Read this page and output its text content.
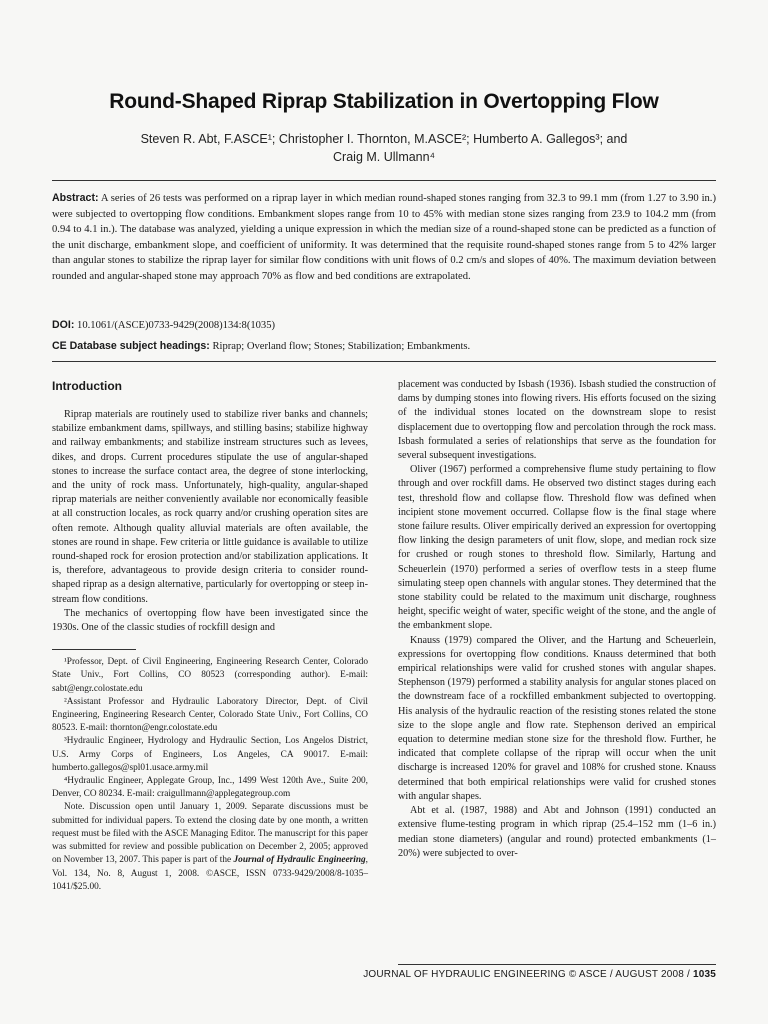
Round-Shaped Riprap Stabilization in Overtopping Flow

Steven R. Abt, F.ASCE¹; Christopher I. Thornton, M.ASCE²; Humberto A. Gallegos³; and

Craig M. Ullmann⁴

Abstract: A series of 26 tests was performed on a riprap layer in which median round-shaped stones ranging from 32.3 to 99.1 mm (from 1.27 to 3.90 in.) were subjected to overtopping flow conditions. Embankment slopes range from 10 to 45% with median stone sizes ranging from 23.9 to 104.2 mm (from 0.94 to 4.1 in.). The database was analyzed, yielding a unique expression in which the median size of a round-shaped stone can be predicted as a function of the unit discharge, embankment slope, and coefficient of uniformity. It was determined that the requisite round-shaped stones range from 5 to 42% larger than angular stones to stabilize the riprap layer for similar flow conditions with unit flows of 0.2 cm/s and slopes of 40%. The maximum deviation between rounded and angular-shaped stone may approach 70% as flow and bed conditions are extrapolated.

DOI: 10.1061/(ASCE)0733-9429(2008)134:8(1035)

CE Database subject headings: Riprap; Overland flow; Stones; Stabilization; Embankments.

Introduction

Riprap materials are routinely used to stabilize river banks and channels; stabilize embankment dams, spillways, and stilling basins; stabilize highway and railway embankments; and stabilize instream structures such as levees, dikes, and drops. Current procedures stipulate the use of angular-shaped stones to increase the surface contact area, the degree of stone interlocking, and the unity of rock mass. Unfortunately, high-quality, angular-shaped riprap materials are neither conveniently available nor economically feasible at all construction locales, as rock quarry and/or crushing operation sites are often remote. Although quality alluvial materials are often available, the stones are round in shape. Few criteria or little guidance is available to utilize round-shaped rock for erosion protection and/or stabilization applications. It is, therefore, advantageous to provide design criteria to consider round-shaped riprap as a design alternative, particularly for overtopping or steep in-stream flow conditions.

The mechanics of overtopping flow have been investigated since the 1930s. One of the classic studies of rockfill design and

¹Professor, Dept. of Civil Engineering, Engineering Research Center, Colorado State Univ., Fort Collins, CO 80523 (corresponding author). E-mail: sabt@engr.colostate.edu

²Assistant Professor and Hydraulic Laboratory Director, Dept. of Civil Engineering, Engineering Research Center, Colorado State Univ., Fort Collins, CO 80523. E-mail: thornton@engr.colostate.edu

³Hydraulic Engineer, Hydrology and Hydraulic Section, Los Angelos District, U.S. Army Corps of Engineers, Los Angeles, CA 90017. E-mail: humberto.gallegos@spl01.usace.army.mil

⁴Hydraulic Engineer, Applegate Group, Inc., 1499 West 120th Ave., Suite 200, Denver, CO 80234. E-mail: craigullmann@applegategroup.com

Note. Discussion open until January 1, 2009. Separate discussions must be submitted for individual papers. To extend the closing date by one month, a written request must be filed with the ASCE Managing Editor. The manuscript for this paper was submitted for review and possible publication on December 2, 2005; approved on November 13, 2007. This paper is part of the Journal of Hydraulic Engineering, Vol. 134, No. 8, August 1, 2008. ©ASCE, ISSN 0733-9429/2008/8-1035–1041/$25.00.

placement was conducted by Isbash (1936). Isbash studied the construction of dams by dumping stones into flowing rivers. His efforts focused on the sizing of the individual stones located on the downstream slope to resist displacement due to overtopping flow and percolation through the rock mass. Isbash formulated a series of relationships that serve as the foundation for several subsequent investigations.

Oliver (1967) performed a comprehensive flume study pertaining to flow through and over rockfill dams. He observed two distinct stages during each test, threshold flow and collapse flow. Threshold flow was defined when incipient stone movement occurred. Collapse flow is the final stage where stone failure results. Oliver empirically derived an expression for overtopping flow linking the design parameters of unit flow, slope, and median rock size for crushed or rough stones to threshold flow. Similarly, Hartung and Scheuerlein (1970) performed a series of overflow tests in a steep flume simulating steep open channels with angular stones. They determined that the stone stability could be related to the maximum unit discharge, roughness height, specific weight of water, specific weight of the stone, and the angle of the embankment slope.

Knauss (1979) compared the Oliver, and the Hartung and Scheuerlein, expressions for overtopping flow conditions. Knauss determined that both empirical relationships were valid for crushed stones with angular shapes. Stephenson (1979) performed a stability analysis for angular stones placed on the downstream face of a rockfilled embankment subjected to overtopping. His analysis of the hydraulic reaction of the resisting stones related the stone size to the slope angle and flow rate. Stephenson derived an empirical equation to determine median stone size for the threshold flow. Further, he indicated that complete collapse of the riprap will occur when the unit discharge is increased 120% for gravel and 108% for crushed stone. Knauss determined that both empirical relationships were valid for crushed stones with angular shapes.

Abt et al. (1987, 1988) and Abt and Johnson (1991) conducted an extensive flume-testing program in which riprap (25.4–152 mm (1–6 in.) median stone diameters) (angular and round) protected embankments (1–20%) were subjected to over-

JOURNAL OF HYDRAULIC ENGINEERING © ASCE / AUGUST 2008 / 1035
